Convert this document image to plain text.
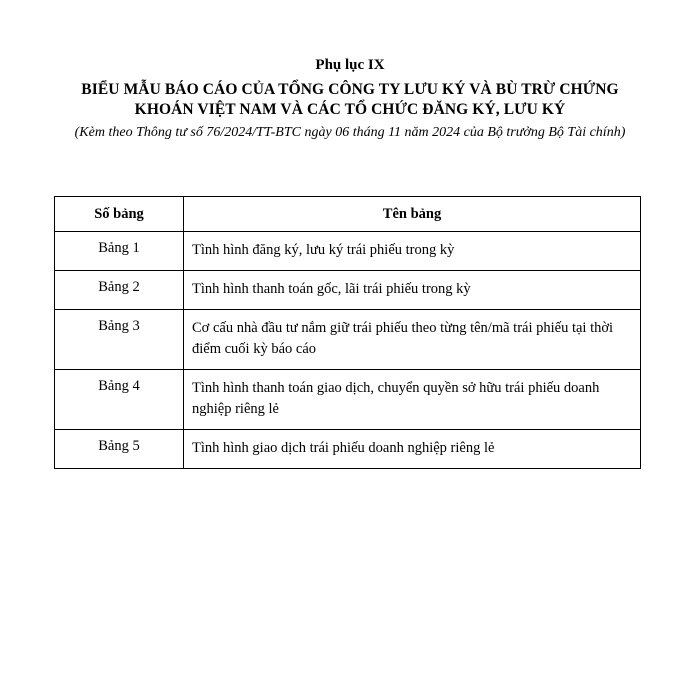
Phụ lục IX

BIỂU MẪU BÁO CÁO CỦA TỔNG CÔNG TY LƯU KÝ VÀ BÙ TRỪ CHỨNG KHOÁN VIỆT NAM VÀ CÁC TỔ CHỨC ĐĂNG KÝ, LƯU KÝ

(Kèm theo Thông tư số 76/2024/TT-BTC ngày 06 tháng 11 năm 2024 của Bộ trưởng Bộ Tài chính)

Số bảng	Tên bảng
Bảng 1	Tình hình đăng ký, lưu ký trái phiếu trong kỳ
Bảng 2	Tình hình thanh toán gốc, lãi trái phiếu trong kỳ
Bảng 3	Cơ cấu nhà đầu tư nắm giữ trái phiếu theo từng tên/mã trái phiếu tại thời điểm cuối kỳ báo cáo
Bảng 4	Tình hình thanh toán giao dịch, chuyển quyền sở hữu trái phiếu doanh nghiệp riêng lẻ
Bảng 5	Tình hình giao dịch trái phiếu doanh nghiệp riêng lẻ
